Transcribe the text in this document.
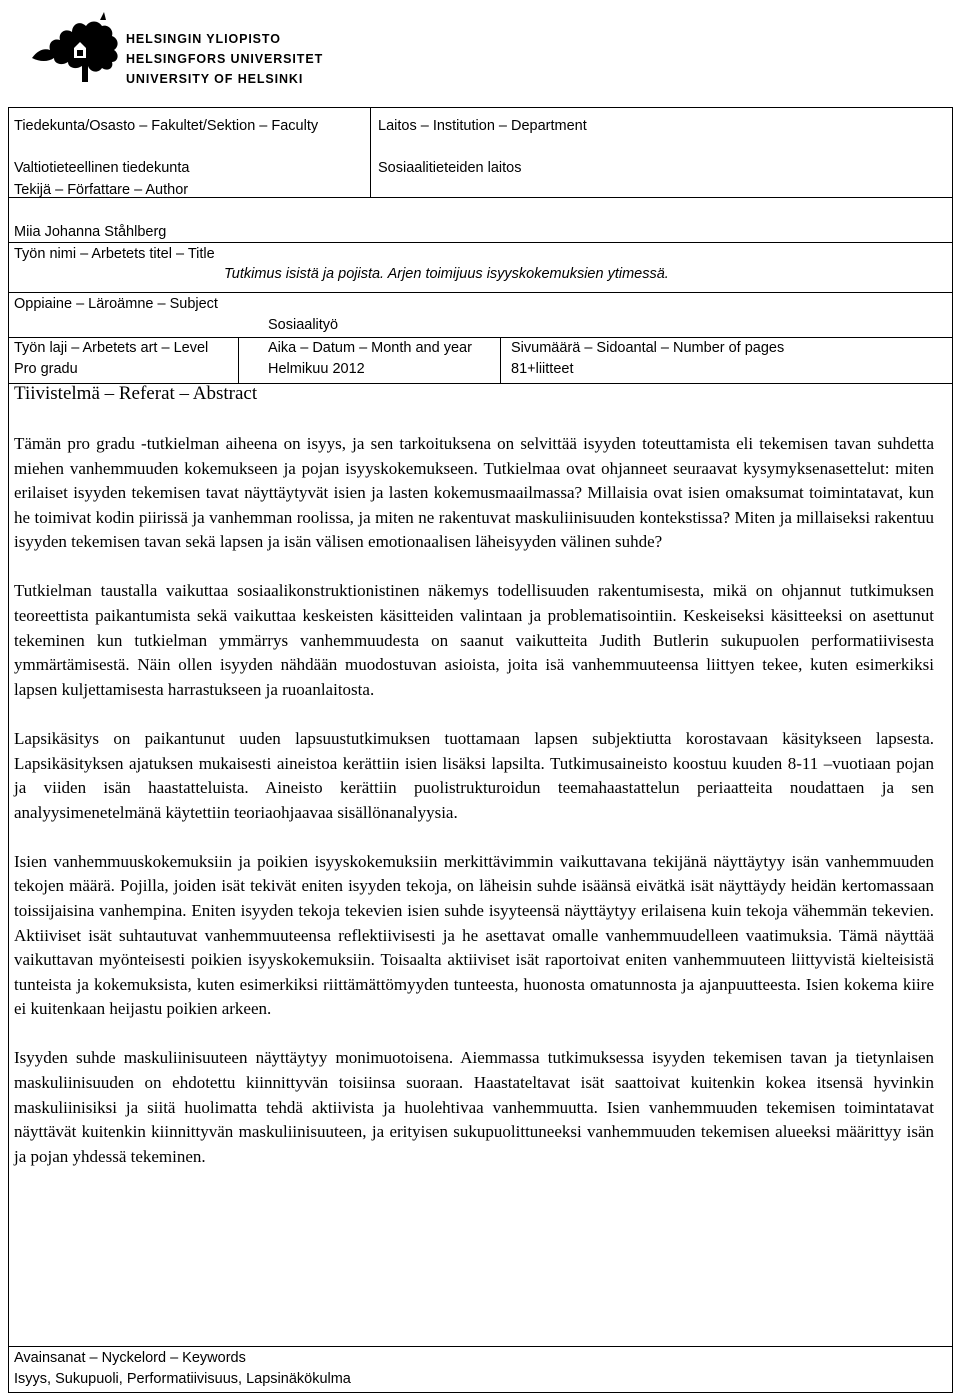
HELSINGIN YLIOPISTO
HELSINGFORS UNIVERSITET
UNIVERSITY OF HELSINKI
Tiedekunta/Osasto – Fakultet/Sektion – Faculty
Valtiotieteellinen tiedekunta
Laitos – Institution – Department
Sosiaalitieteiden laitos
Tekijä – Författare – Author
Miia Johanna Ståhlberg
Työn nimi – Arbetets titel – Title
Tutkimus isistä ja pojista. Arjen toimijuus isyyskokemuksien ytimessä.
Oppiaine – Läroämne – Subject
Sosiaalityö
Työn laji – Arbetets art – Level
Pro gradu
Aika – Datum – Month and year
Helmikuu 2012
Sivumäärä – Sidoantal – Number of pages
81+liitteet
Tiivistelmä – Referat – Abstract

Tämän pro gradu -tutkielman aiheena on isyys, ja sen tarkoituksena on selvittää isyyden toteuttamista eli tekemisen tavan suhdetta miehen vanhemmuuden kokemukseen ja pojan isyyskokemukseen. Tutkielmaa ovat ohjanneet seuraavat kysymyksenasettelut: miten erilaiset isyyden tekemisen tavat näyttäytyvät isien ja lasten kokemusmaailmassa? Millaisia ovat isien omaksumat toimintatavat, kun he toimivat kodin piirissä ja vanhemman roolissa, ja miten ne rakentuvat maskuliinisuuden kontekstissa? Miten ja millaiseksi rakentuu isyyden tekemisen tavan sekä lapsen ja isän välisen emotionaalisen läheisyyden välinen suhde?

Tutkielman taustalla vaikuttaa sosiaalikonstruktionistinen näkemys todellisuuden rakentumisesta, mikä on ohjannut tutkimuksen teoreettista paikantumista sekä vaikuttaa keskeisten käsitteiden valintaan ja problematisointiin. Keskeiseksi käsitteeksi on asettunut tekeminen kun tutkielman ymmärrys vanhemmuudesta on saanut vaikutteita Judith Butlerin sukupuolen performatiivisesta ymmärtämisestä. Näin ollen isyyden nähdään muodostuvan asioista, joita isä vanhemmuuteensa liittyen tekee, kuten esimerkiksi lapsen kuljettamisesta harrastukseen ja ruoanlaitosta.

Lapsikäsitys on paikantunut uuden lapsuustutkimuksen tuottamaan lapsen subjektiutta korostavaan käsitykseen lapsesta. Lapsikäsityksen ajatuksen mukaisesti aineistoa kerättiin isien lisäksi lapsilta. Tutkimusaineisto koostuu kuuden 8-11 –vuotiaan pojan ja viiden isän haastatteluista. Aineisto kerättiin puolistrukturoidun teemahaastattelun periaatteita noudattaen ja sen analyysimenetelmänä käytettiin teoriaohjaavaa sisällönanalyysia.

Isien vanhemmuuskokemuksiin ja poikien isyyskokemuksiin merkittävimmin vaikuttavana tekijänä näyttäytyy isän vanhemmuuden tekojen määrä. Pojilla, joiden isät tekivät eniten isyyden tekoja, on läheisin suhde isäänsä eivätkä isät näyttäydy heidän kertomassaan toissijaisina vanhempina. Eniten isyyden tekoja tekevien isien suhde isyyteensä näyttäytyy erilaisena kuin tekoja vähemmän tekevien. Aktiiviset isät suhtautuvat vanhemmuuteensa reflektiivisesti ja he asettavat omalle vanhemmuudelleen vaatimuksia. Tämä näyttää vaikuttavan myönteisesti poikien isyyskokemuksiin. Toisaalta aktiiviset isät raportoivat eniten vanhemmuuteen liittyvistä kielteisistä tunteista ja kokemuksista, kuten esimerkiksi riittämättömyyden tunteesta, huonosta omatunnosta ja ajanpuutteesta. Isien kokema kiire ei kuitenkaan heijastu poikien arkeen.

Isyyden suhde maskuliinisuuteen näyttäytyy monimuotoisena. Aiemmassa tutkimuksessa isyyden tekemisen tavan ja tietynlaisen maskuliinisuuden on ehdotettu kiinnittyvän toisiinsa suoraan. Haastateltavat isät saattoivat kuitenkin kokea itsensä hyvinkin maskuliinisiksi ja siitä huolimatta tehdä aktiivista ja huolehtivaa vanhemmuutta. Isien vanhemmuuden tekemisen toimintatavat näyttävät kuitenkin kiinnittyvän maskuliinisuuteen, ja erityisen sukupuolittuneeksi vanhemmuuden tekemisen alueeksi määrittyy isän ja pojan yhdessä tekeminen.

Avainsanat – Nyckelord – Keywords
Isyys, Sukupuoli, Performatiivisuus, Lapsinäkökulma
